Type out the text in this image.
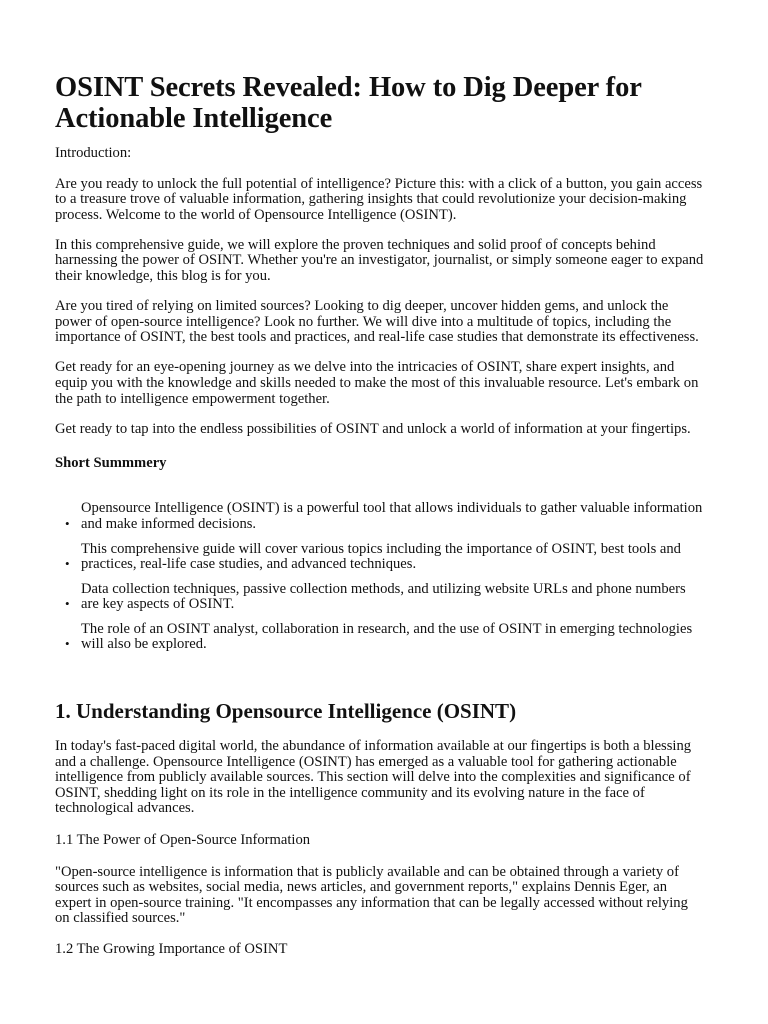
OSINT Secrets Revealed: How to Dig Deeper for Actionable Intelligence

Introduction:

Are you ready to unlock the full potential of intelligence? Picture this: with a click of a button, you gain access to a treasure trove of valuable information, gathering insights that could revolutionize your decision-making process. Welcome to the world of Opensource Intelligence (OSINT).

In this comprehensive guide, we will explore the proven techniques and solid proof of concepts behind harnessing the power of OSINT. Whether you're an investigator, journalist, or simply someone eager to expand their knowledge, this blog is for you.

Are you tired of relying on limited sources? Looking to dig deeper, uncover hidden gems, and unlock the power of open-source intelligence? Look no further. We will dive into a multitude of topics, including the importance of OSINT, the best tools and practices, and real-life case studies that demonstrate its effectiveness.

Get ready for an eye-opening journey as we delve into the intricacies of OSINT, share expert insights, and equip you with the knowledge and skills needed to make the most of this invaluable resource. Let's embark on the path to intelligence empowerment together.

Get ready to tap into the endless possibilities of OSINT and unlock a world of information at your fingertips.

Short Summmery
•
Opensource Intelligence (OSINT) is a powerful tool that allows individuals to gather valuable information and make informed decisions.
•
This comprehensive guide will cover various topics including the importance of OSINT, best tools and practices, real-life case studies, and advanced techniques.
•
Data collection techniques, passive collection methods, and utilizing website URLs and phone numbers are key aspects of OSINT.
•
The role of an OSINT analyst, collaboration in research, and the use of OSINT in emerging technologies will also be explored.
1. Understanding Opensource Intelligence (OSINT)

In today's fast-paced digital world, the abundance of information available at our fingertips is both a blessing and a challenge. Opensource Intelligence (OSINT) has emerged as a valuable tool for gathering actionable intelligence from publicly available sources. This section will delve into the complexities and significance of OSINT, shedding light on its role in the intelligence community and its evolving nature in the face of technological advances.

1.1 The Power of Open-Source Information

"Open-source intelligence is information that is publicly available and can be obtained through a variety of sources such as websites, social media, news articles, and government reports," explains Dennis Eger, an expert in open-source training. "It encompasses any information that can be legally accessed without relying on classified sources."

1.2 The Growing Importance of OSINT
